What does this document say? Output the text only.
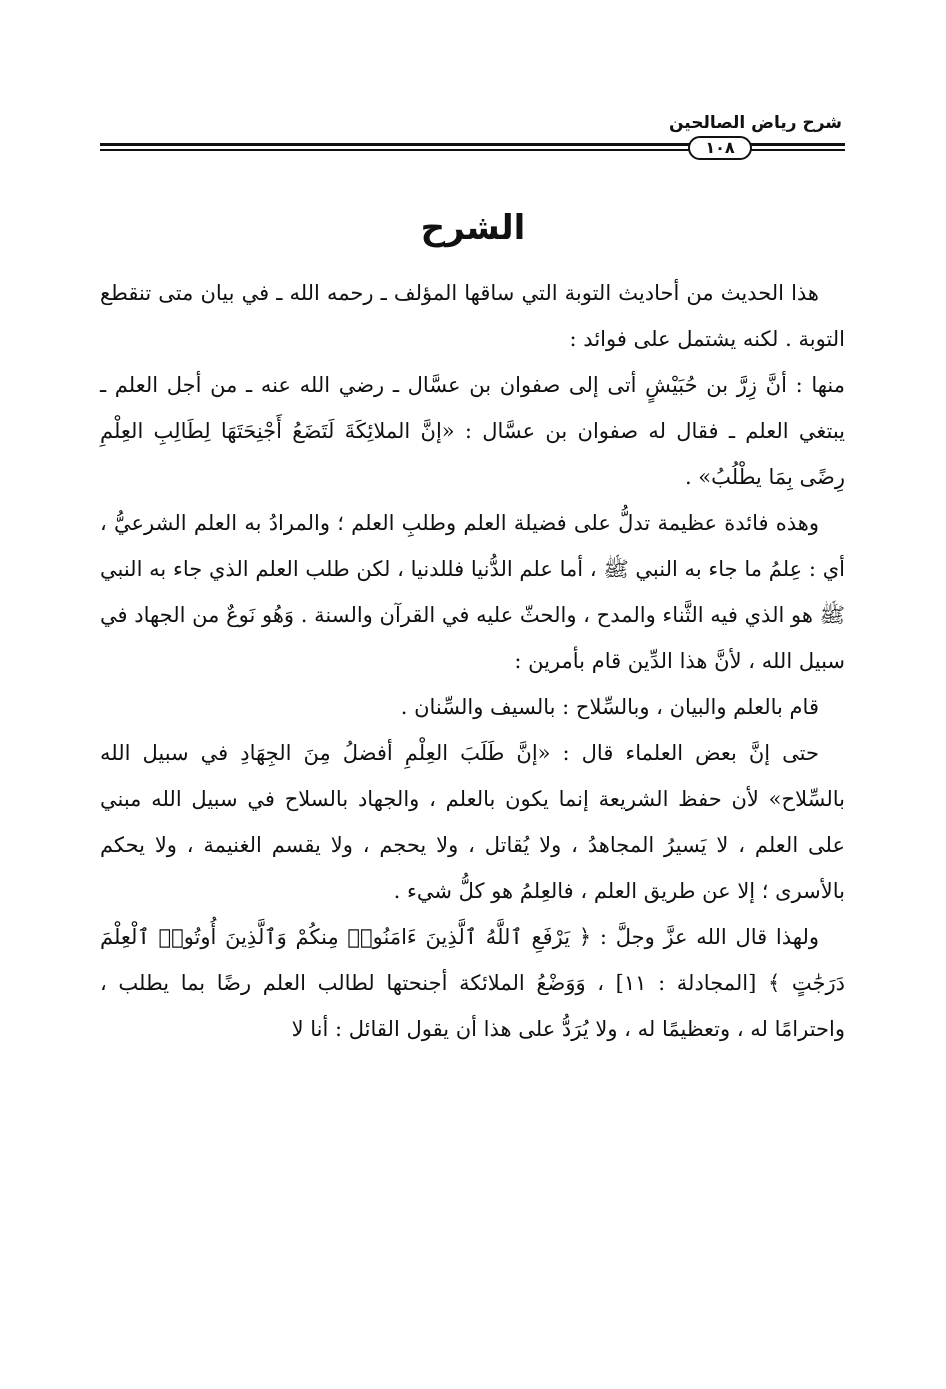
شرح رياض الصالحين
١٠٨
الشرح

هذا الحديث من أحاديث التوبة التي ساقها المؤلف ـ رحمه الله ـ في بيان متى تنقطع التوبة . لكنه يشتمل على فوائد :

منها : أنَّ زِرَّ بن حُبَيْشٍ أتى إلى صفوان بن عسَّال ـ رضي الله عنه ـ من أجل العلم ـ يبتغي العلم ـ فقال له صفوان بن عسَّال : «إنَّ الملائِكَةَ لَتَضَعُ أَجْنِحَتَهَا لِطَالِبِ العِلْمِ رِضًى بِمَا يطْلُبُ» .

وهذه فائدة عظيمة تدلُّ على فضيلة العلم وطلبِ العلم ؛ والمرادُ به العلم الشرعيُّ ، أي : عِلمُ ما جاء به النبي ﷺ ، أما علم الدُّنيا فللدنيا ، لكن طلب العلم الذي جاء به النبي ﷺ هو الذي فيه الثَّناء والمدح ، والحثّ عليه في القرآن والسنة . وَهُو نَوعٌ من الجهاد في سبيل الله ، لأنَّ هذا الدِّين قام بأمرين :

قام بالعلم والبيان ، وبالسِّلاح : بالسيف والسِّنان .

حتى إنَّ بعض العلماء قال : «إنَّ طَلَبَ العِلْمِ أفضلُ مِنَ الجِهَادِ في سبيل الله بالسِّلاح» لأن حفظ الشريعة إنما يكون بالعلم ، والجهاد بالسلاح في سبيل الله مبني على العلم ، لا يَسيرُ المجاهدُ ، ولا يُقاتل ، ولا يحجم ، ولا يقسم الغنيمة ، ولا يحكم بالأسرى ؛ إلا عن طريق العلم ، فالعِلمُ هو كلُّ شيء .

ولهذا قال الله عزَّ وجلَّ : ﴿ يَرْفَعِ ٱللَّهُ ٱلَّذِينَ ءَامَنُوا۟ مِنكُمْ وَٱلَّذِينَ أُوتُوا۟ ٱلْعِلْمَ دَرَجَٰتٍ ﴾ [المجادلة : ١١] ، وَوَضْعُ الملائكة أجنحتها لطالب العلم رضًا بما يطلب ، واحترامًا له ، وتعظيمًا له ، ولا يُرَدُّ على هذا أن يقول القائل : أنا لا
